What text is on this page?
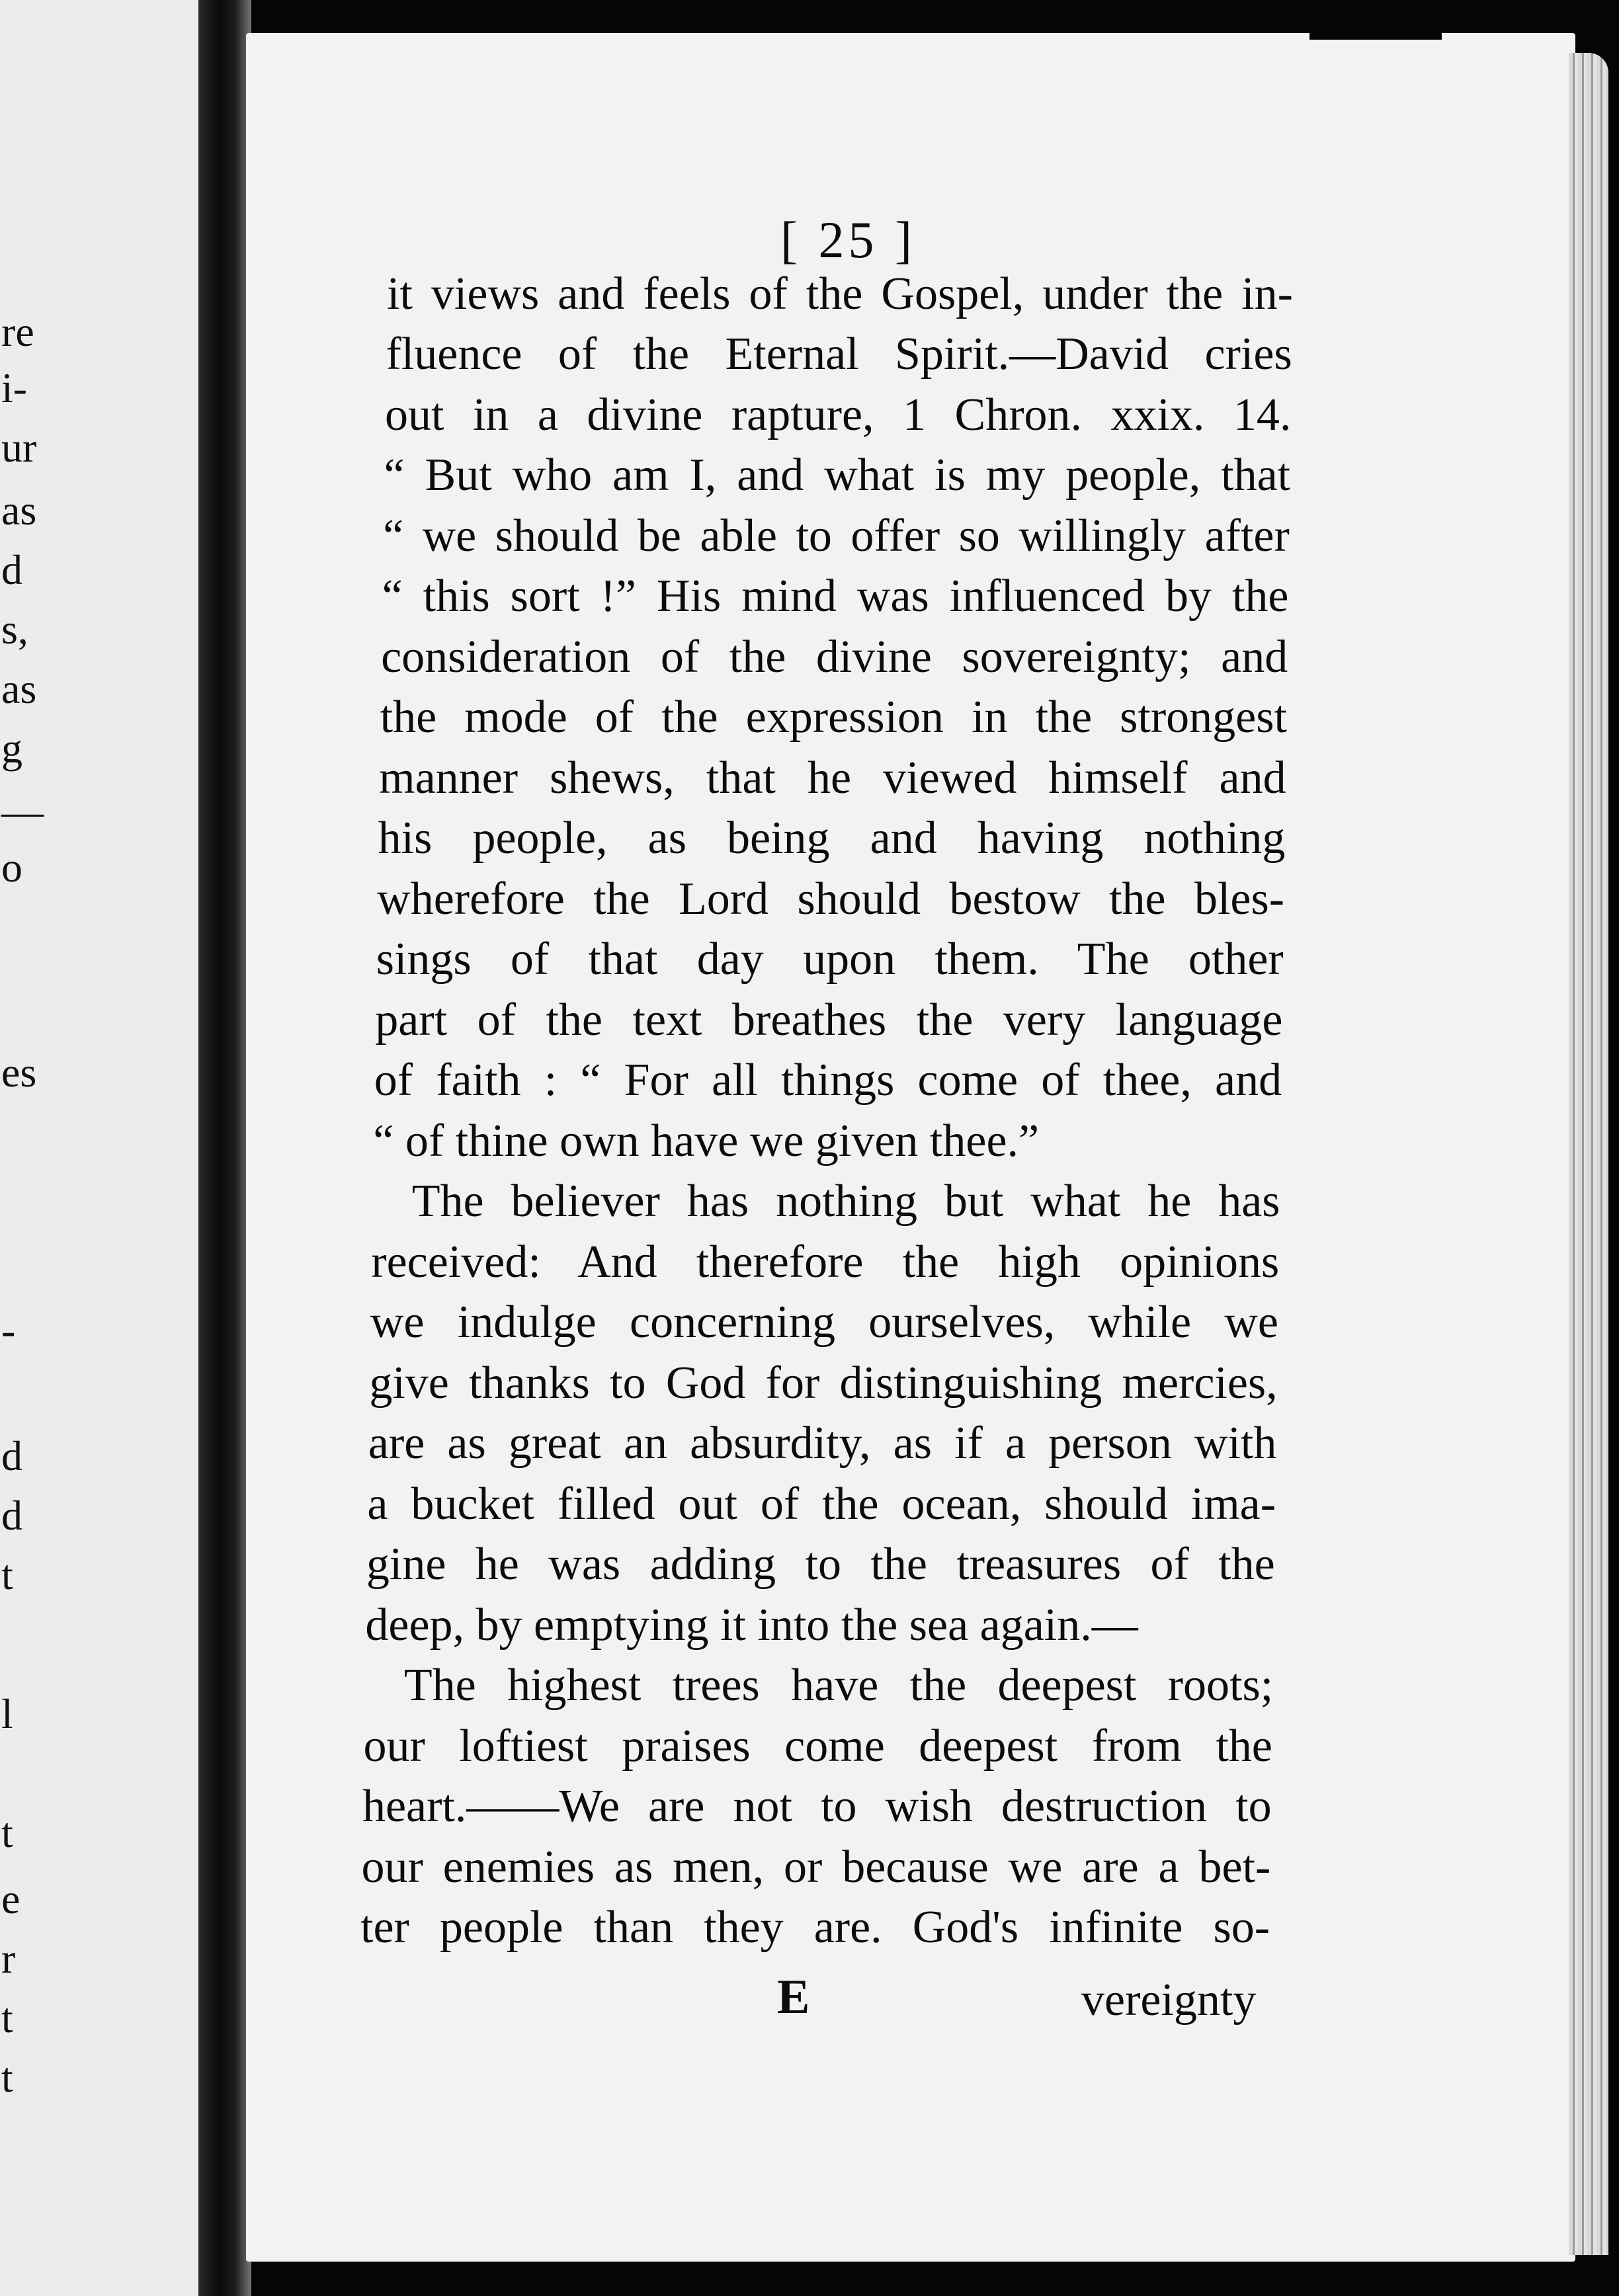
re
i-
ur
as
d
s,
as
g
—
o
es
-
d
d
t
l
t
e
r
t
t
[ 25 ]
it views and feels of the Gospel, under the in-
fluence of the Eternal Spirit.—David cries
out in a divine rapture, 1 Chron. xxix. 14.
“ But who am I, and what is my people, that
“ we should be able to offer so willingly after
“ this sort !” His mind was influenced by the
consideration of the divine sovereignty; and
the mode of the expression in the strongest
manner shews, that he viewed himself and
his people, as being and having nothing
wherefore the Lord should bestow the bles-
sings of that day upon them. The other
part of the text breathes the very language
of faith : “ For all things come of thee, and
“ of thine own have we given thee.”
The believer has nothing but what he has
received: And therefore the high opinions
we indulge concerning ourselves, while we
give thanks to God for distinguishing mercies,
are as great an absurdity, as if a person with
a bucket filled out of the ocean, should ima-
gine he was adding to the treasures of the
deep, by emptying it into the sea again.—
The highest trees have the deepest roots;
our loftiest praises come deepest from the
heart.——We are not to wish destruction to
our enemies as men, or because we are a bet-
ter people than they are. God's infinite so-
E	vereignty
